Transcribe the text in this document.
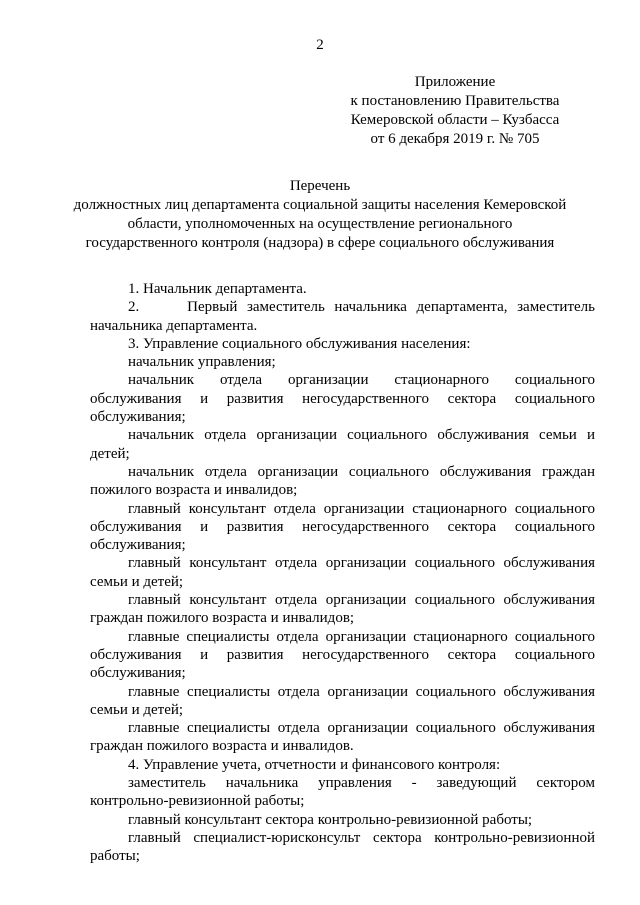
2
Приложение
к постановлению Правительства
Кемеровской области – Кузбасса
от 6 декабря 2019 г. № 705
Перечень
должностных лиц департамента социальной защиты населения Кемеровской
области, уполномоченных на осуществление регионального
государственного контроля (надзора) в сфере социального обслуживания

1. Начальник департамента.

2.     Первый заместитель начальника департамента, заместитель начальника департамента.

3. Управление социального обслуживания населения:

начальник управления;

начальник отдела организации стационарного социального обслуживания и развития негосударственного сектора социального обслуживания;

начальник отдела организации социального обслуживания семьи и детей;

начальник отдела организации социального обслуживания граждан пожилого возраста и инвалидов;

главный консультант отдела организации стационарного социального обслуживания и развития негосударственного сектора социального обслуживания;

главный консультант отдела организации социального обслуживания семьи и детей;

главный консультант отдела организации социального обслуживания граждан пожилого возраста и инвалидов;

главные специалисты отдела организации стационарного социального обслуживания и развития негосударственного сектора социального обслуживания;

главные специалисты отдела организации социального обслуживания семьи и детей;

главные специалисты отдела организации социального обслуживания граждан пожилого возраста и инвалидов.

4. Управление учета, отчетности и финансового контроля:

заместитель начальника управления - заведующий сектором контрольно-ревизионной работы;

главный консультант сектора контрольно-ревизионной работы;

главный специалист-юрисконсульт сектора контрольно-ревизионной работы;
